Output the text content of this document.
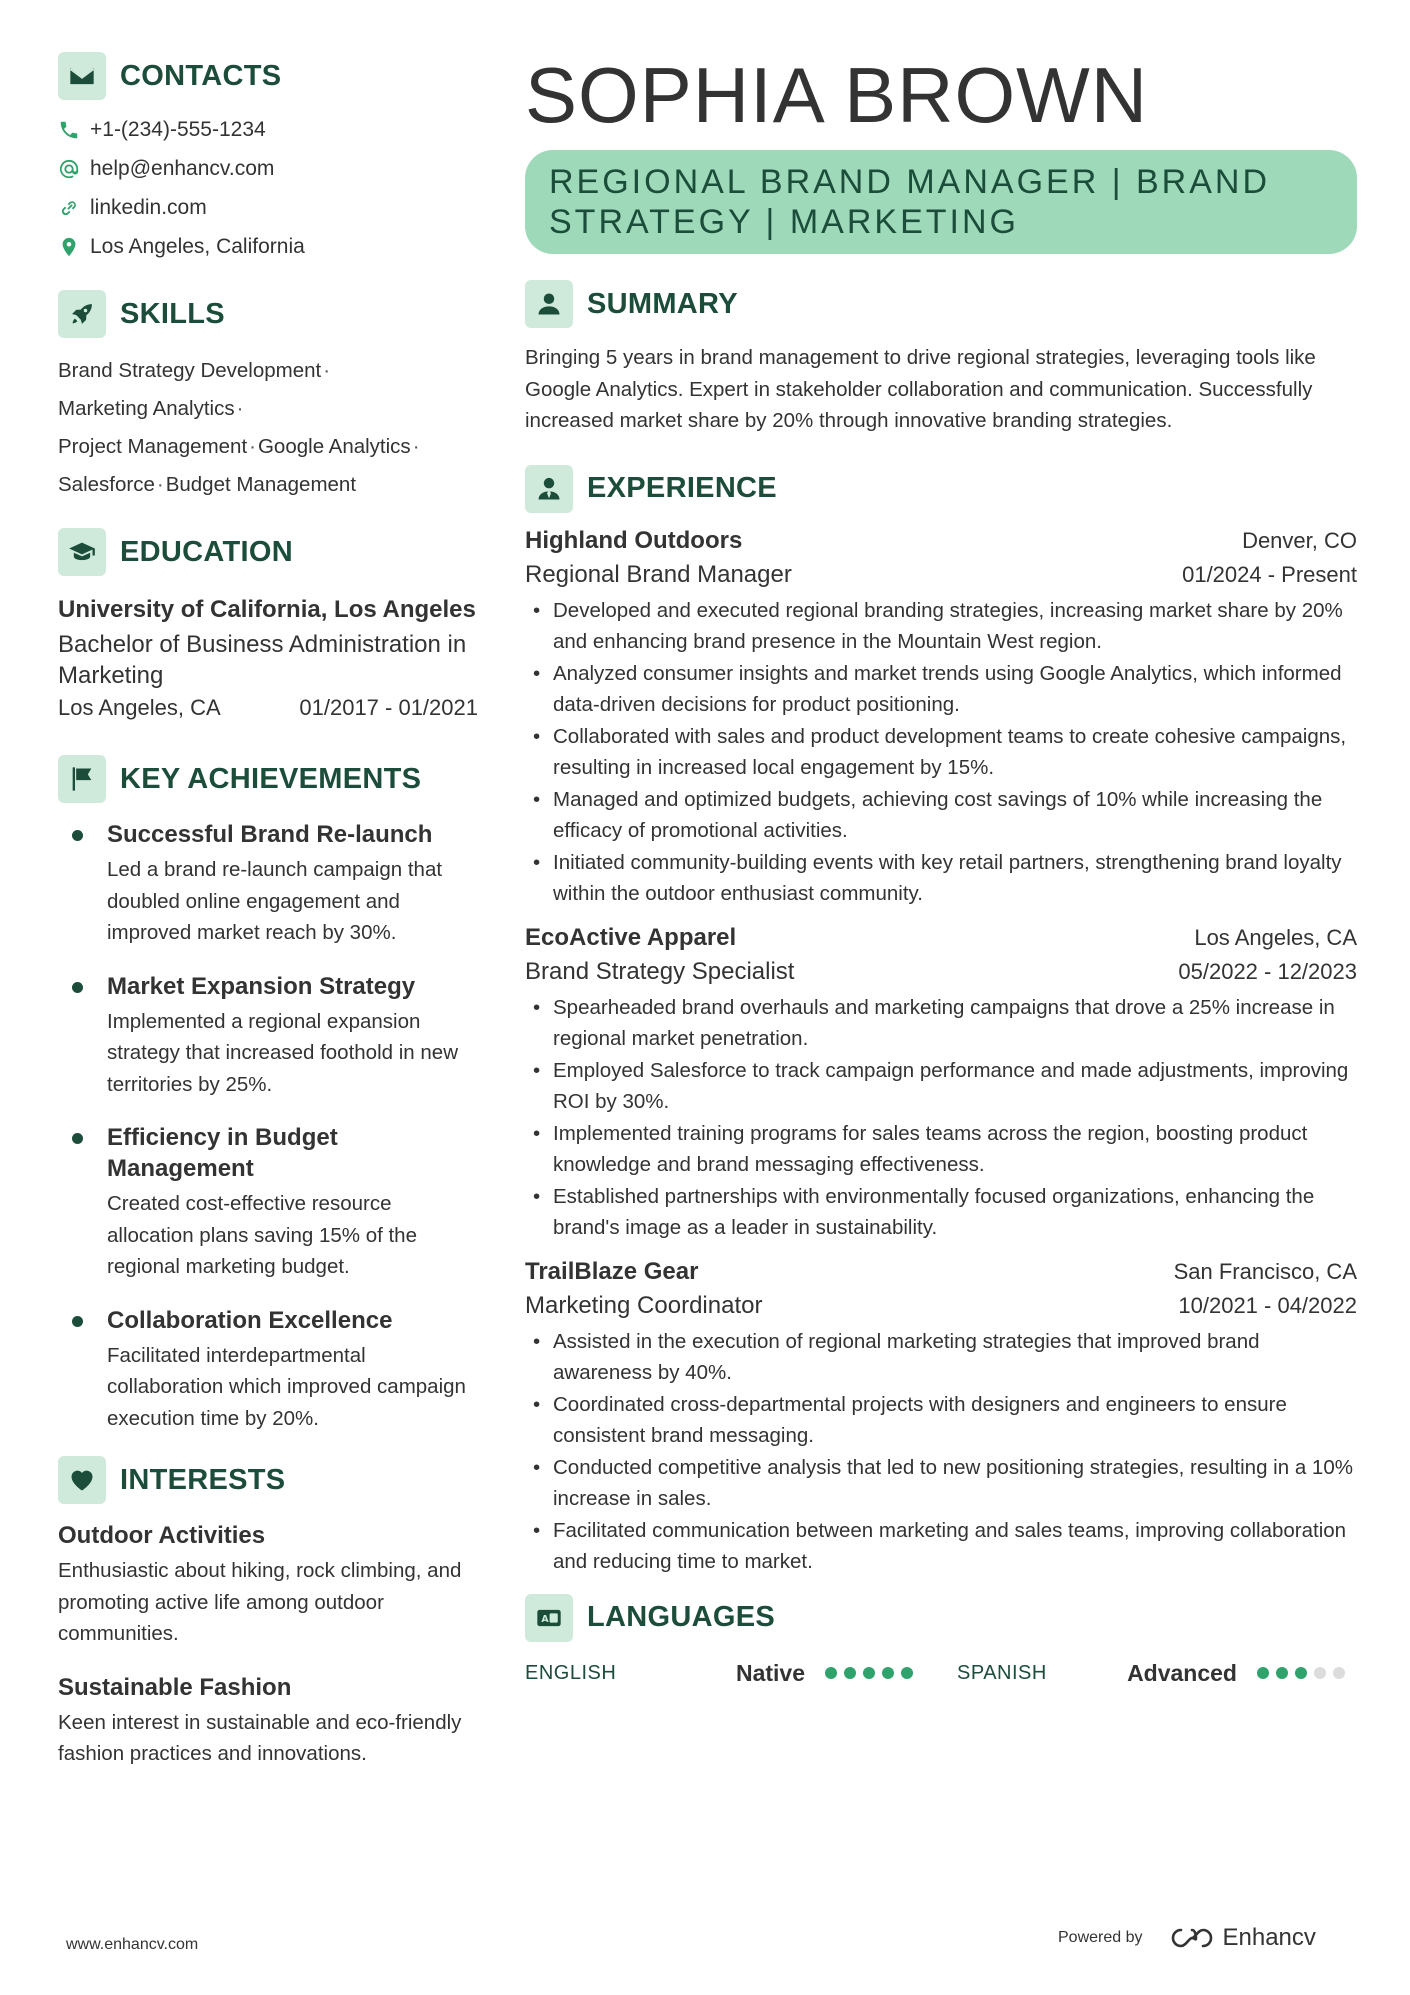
CONTACTS
+1-(234)-555-1234
help@enhancv.com
linkedin.com
Los Angeles, California
SKILLS
Brand Strategy Development·
Marketing Analytics·
Project Management·Google Analytics·
Salesforce·Budget Management
EDUCATION
University of California, Los Angeles
Bachelor of Business Administration in Marketing
Los Angeles, CA	01/2017 - 01/2021
KEY ACHIEVEMENTS
Successful Brand Re-launch
Led a brand re-launch campaign that doubled online engagement and improved market reach by 30%.
Market Expansion Strategy
Implemented a regional expansion strategy that increased foothold in new territories by 25%.
Efficiency in Budget Management
Created cost-effective resource allocation plans saving 15% of the regional marketing budget.
Collaboration Excellence
Facilitated interdepartmental collaboration which improved campaign execution time by 20%.
INTERESTS
Outdoor Activities
Enthusiastic about hiking, rock climbing, and promoting active life among outdoor communities.
Sustainable Fashion
Keen interest in sustainable and eco-friendly fashion practices and innovations.
SOPHIA BROWN
REGIONAL BRAND MANAGER | BRAND STRATEGY | MARKETING
SUMMARY
Bringing 5 years in brand management to drive regional strategies, leveraging tools like Google Analytics. Expert in stakeholder collaboration and communication. Successfully increased market share by 20% through innovative branding strategies.
EXPERIENCE
Highland Outdoors	Denver, CO
Regional Brand Manager	01/2024 - Present
• Developed and executed regional branding strategies, increasing market share by 20% and enhancing brand presence in the Mountain West region.
• Analyzed consumer insights and market trends using Google Analytics, which informed data-driven decisions for product positioning.
• Collaborated with sales and product development teams to create cohesive campaigns, resulting in increased local engagement by 15%.
• Managed and optimized budgets, achieving cost savings of 10% while increasing the efficacy of promotional activities.
• Initiated community-building events with key retail partners, strengthening brand loyalty within the outdoor enthusiast community.
EcoActive Apparel	Los Angeles, CA
Brand Strategy Specialist	05/2022 - 12/2023
• Spearheaded brand overhauls and marketing campaigns that drove a 25% increase in regional market penetration.
• Employed Salesforce to track campaign performance and made adjustments, improving ROI by 30%.
• Implemented training programs for sales teams across the region, boosting product knowledge and brand messaging effectiveness.
• Established partnerships with environmentally focused organizations, enhancing the brand's image as a leader in sustainability.
TrailBlaze Gear	San Francisco, CA
Marketing Coordinator	10/2021 - 04/2022
• Assisted in the execution of regional marketing strategies that improved brand awareness by 40%.
• Coordinated cross-departmental projects with designers and engineers to ensure consistent brand messaging.
• Conducted competitive analysis that led to new positioning strategies, resulting in a 10% increase in sales.
• Facilitated communication between marketing and sales teams, improving collaboration and reducing time to market.
A LANGUAGES
ENGLISH	Native	SPANISH	Advanced
www.enhancv.com	Powered by	Enhancv
